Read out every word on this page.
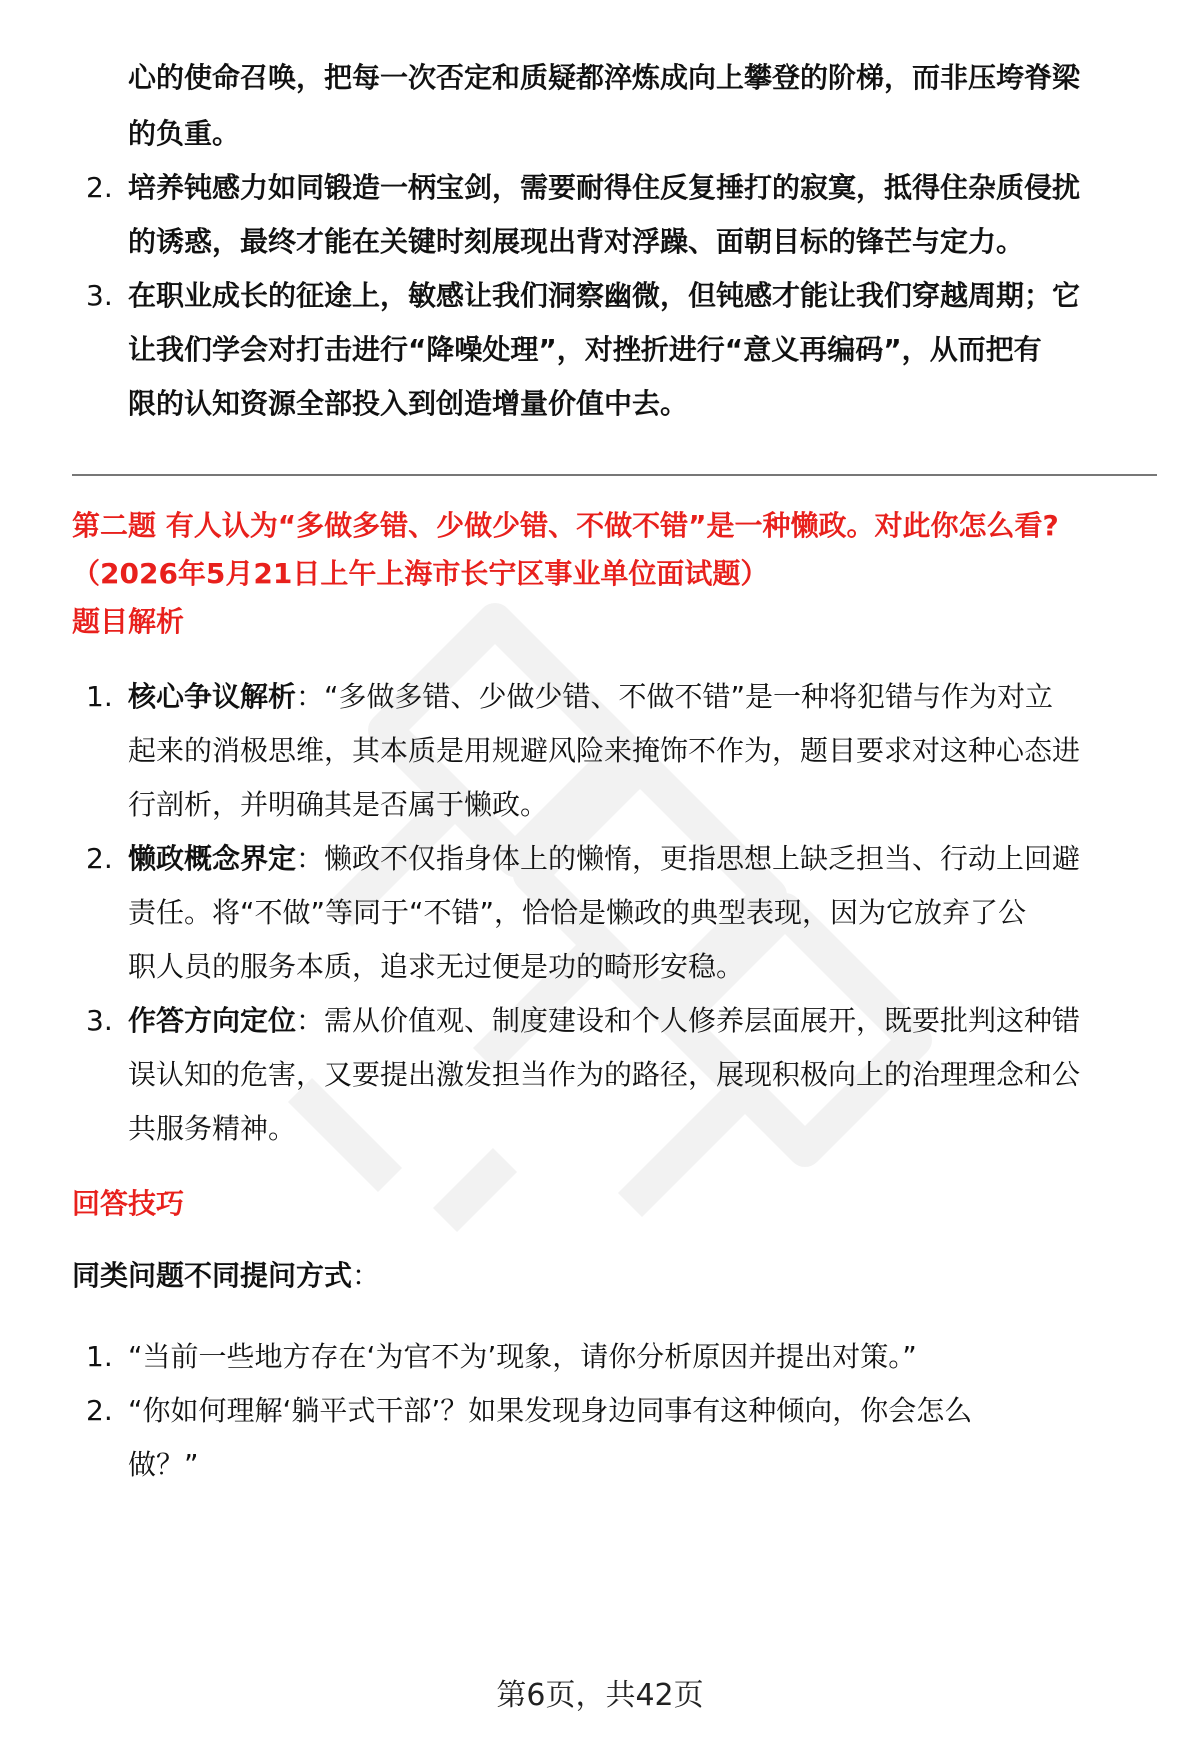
心的使命召唤，把每一次否定和质疑都淬炼成向上攀登的阶梯，而非压垮脊梁
的负重。
2. 培养钝感力如同锻造一柄宝剑，需要耐得住反复捶打的寂寞，抵得住杂质侵扰
的诱惑，最终才能在关键时刻展现出背对浮躁、面朝目标的锋芒与定力。
3. 在职业成长的征途上，敏感让我们洞察幽微，但钝感才能让我们穿越周期；它
让我们学会对打击进行“降噪处理”，对挫折进行“意义再编码”，从而把有
限的认知资源全部投入到创造增量价值中去。
第二题 有人认为“多做多错、少做少错、不做不错”是一种懒政。对此你怎么看?
（2026年5月21日上午上海市长宁区事业单位面试题）
题目解析
1. 核心争议解析：“多做多错、少做少错、不做不错”是一种将犯错与作为对立
起来的消极思维，其本质是用规避风险来掩饰不作为，题目要求对这种心态进
行剖析，并明确其是否属于懒政。
2. 懒政概念界定：懒政不仅指身体上的懒惰，更指思想上缺乏担当、行动上回避
责任。将“不做”等同于“不错”，恰恰是懒政的典型表现，因为它放弃了公
职人员的服务本质，追求无过便是功的畸形安稳。
3. 作答方向定位：需从价值观、制度建设和个人修养层面展开，既要批判这种错
误认知的危害，又要提出激发担当作为的路径，展现积极向上的治理理念和公
共服务精神。
回答技巧
同类问题不同提问方式：
1. “当前一些地方存在‘为官不为’现象，请你分析原因并提出对策。”
2. “你如何理解‘躺平式干部’？如果发现身边同事有这种倾向，你会怎么
做？”
第6页，共42页
